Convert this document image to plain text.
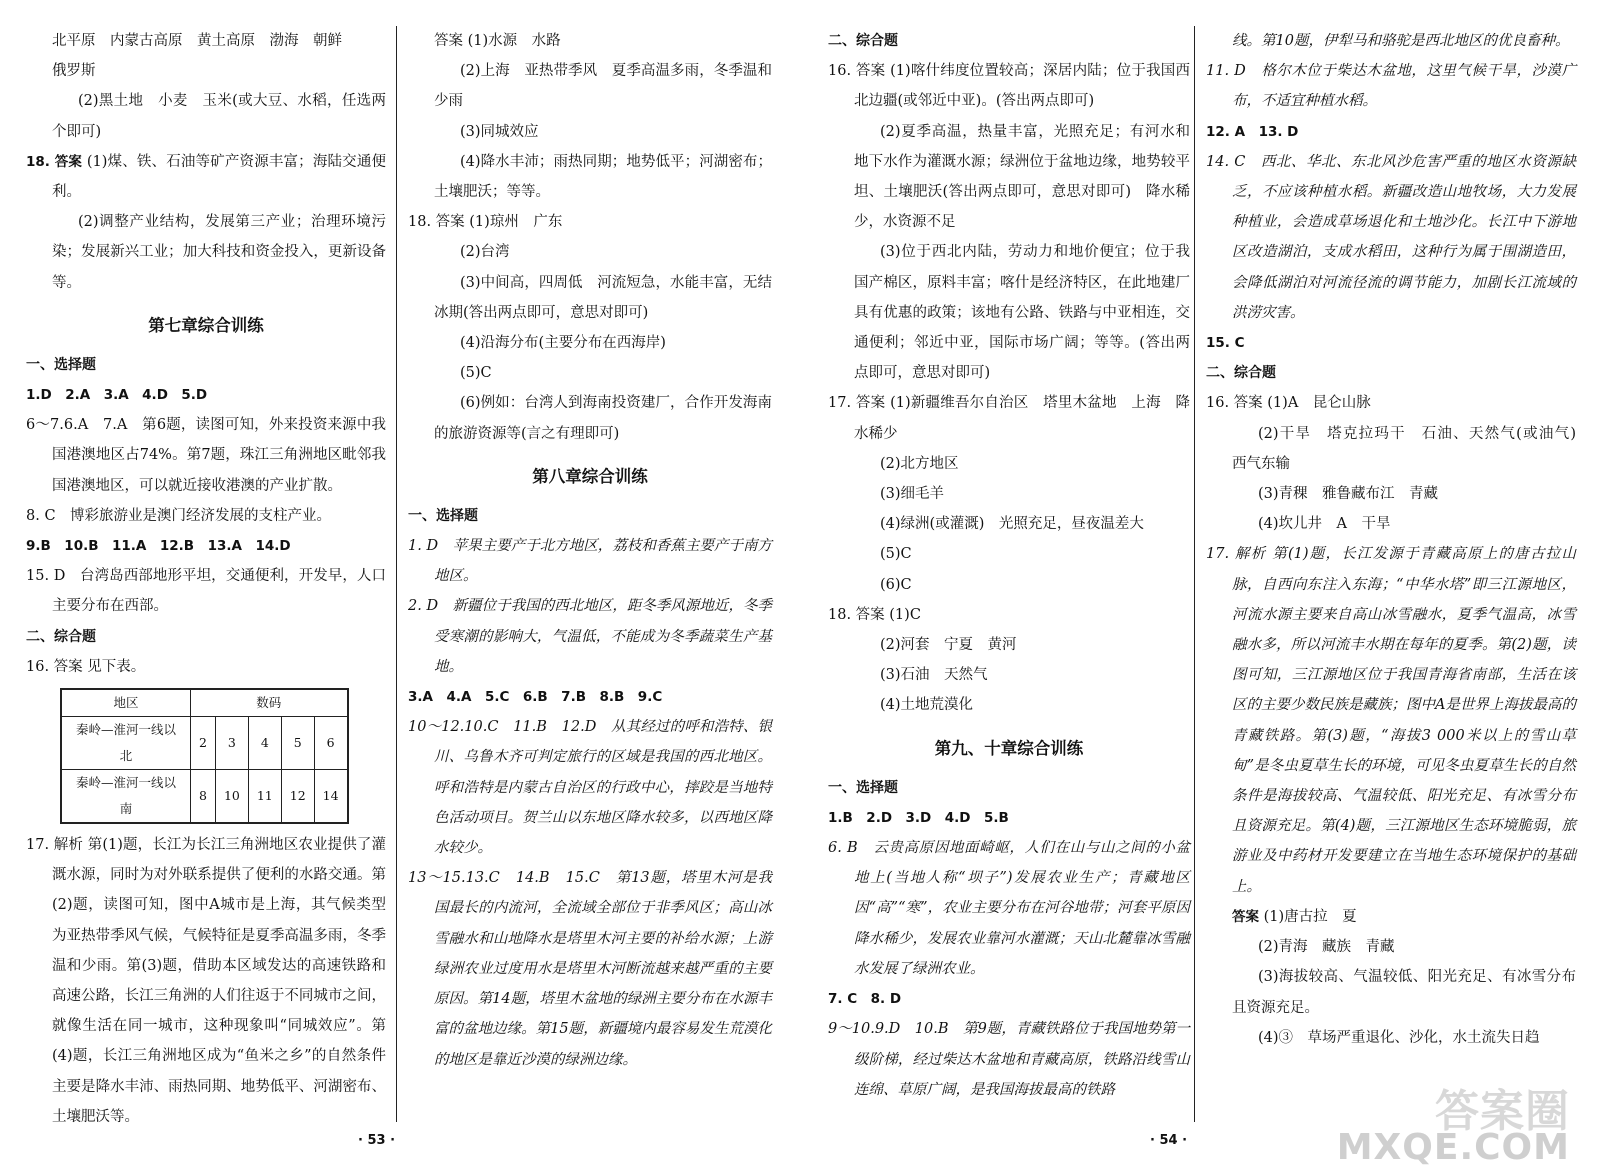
北平原　内蒙古高原　黄土高原　渤海　朝鲜

俄罗斯

(2)黑土地　小麦　玉米(或大豆、水稻，任选两个即可)

18. 答案 (1)煤、铁、石油等矿产资源丰富；海陆交通便利。

(2)调整产业结构，发展第三产业；治理环境污染；发展新兴工业；加大科技和资金投入，更新设备等。

第七章综合训练

一、选择题

1.D　2.A　3.A　4.D　5.D

6～7.6.A　7.A　第6题，读图可知，外来投资来源中我国港澳地区占74%。第7题，珠江三角洲地区毗邻我国港澳地区，可以就近接收港澳的产业扩散。

8. C　博彩旅游业是澳门经济发展的支柱产业。

9.B　10.B　11.A　12.B　13.A　14.D

15. D　台湾岛西部地形平坦，交通便利，开发早，人口主要分布在西部。

二、综合题

16. 答案 见下表。

地区	数码				
秦岭—淮河一线以北	2	3	4	5	6
秦岭—淮河一线以南	8	10	11	12	14

17. 解析 第(1)题，长江为长江三角洲地区农业提供了灌溉水源，同时为对外联系提供了便利的水路交通。第(2)题，读图可知，图中A城市是上海，其气候类型为亚热带季风气候，气候特征是夏季高温多雨，冬季温和少雨。第(3)题，借助本区域发达的高速铁路和高速公路，长江三角洲的人们往返于不同城市之间，就像生活在同一城市，这种现象叫“同城效应”。第(4)题，长江三角洲地区成为“鱼米之乡”的自然条件主要是降水丰沛、雨热同期、地势低平、河湖密布、土壤肥沃等。

答案 (1)水源　水路

(2)上海　亚热带季风　夏季高温多雨，冬季温和少雨

(3)同城效应

(4)降水丰沛；雨热同期；地势低平；河湖密布；土壤肥沃；等等。

18. 答案 (1)琼州　广东

(2)台湾

(3)中间高，四周低　河流短急，水能丰富，无结冰期(答出两点即可，意思对即可)

(4)沿海分布(主要分布在西海岸)

(5)C

(6)例如：台湾人到海南投资建厂，合作开发海南的旅游资源等(言之有理即可)

第八章综合训练

一、选择题

1. D　苹果主要产于北方地区，荔枝和香蕉主要产于南方地区。

2. D　新疆位于我国的西北地区，距冬季风源地近，冬季受寒潮的影响大，气温低，不能成为冬季蔬菜生产基地。

3.A　4.A　5.C　6.B　7.B　8.B　9.C

10～12.10.C　11.B　12.D　从其经过的呼和浩特、银川、乌鲁木齐可判定旅行的区域是我国的西北地区。呼和浩特是内蒙古自治区的行政中心，摔跤是当地特色活动项目。贺兰山以东地区降水较多，以西地区降水较少。

13～15.13.C　14.B　15.C　第13题，塔里木河是我国最长的内流河，全流域全部位于非季风区；高山冰雪融水和山地降水是塔里木河主要的补给水源；上游绿洲农业过度用水是塔里木河断流越来越严重的主要原因。第14题，塔里木盆地的绿洲主要分布在水源丰富的盆地边缘。第15题，新疆境内最容易发生荒漠化的地区是靠近沙漠的绿洲边缘。

二、综合题

16. 答案 (1)喀什纬度位置较高；深居内陆；位于我国西北边疆(或邻近中亚)。(答出两点即可)

(2)夏季高温，热量丰富，光照充足；有河水和地下水作为灌溉水源；绿洲位于盆地边缘，地势较平坦、土壤肥沃(答出两点即可，意思对即可)　降水稀少，水资源不足

(3)位于西北内陆，劳动力和地价便宜；位于我国产棉区，原料丰富；喀什是经济特区，在此地建厂具有优惠的政策；该地有公路、铁路与中亚相连，交通便利；邻近中亚，国际市场广阔；等等。(答出两点即可，意思对即可)

17. 答案 (1)新疆维吾尔自治区　塔里木盆地　上海　降水稀少

(2)北方地区

(3)细毛羊

(4)绿洲(或灌溉)　光照充足，昼夜温差大

(5)C

(6)C

18. 答案 (1)C

(2)河套　宁夏　黄河

(3)石油　天然气

(4)土地荒漠化

第九、十章综合训练

一、选择题

1.B　2.D　3.D　4.D　5.B

6. B　云贵高原因地面崎岖，人们在山与山之间的小盆地上(当地人称“坝子”)发展农业生产；青藏地区因“高”“寒”，农业主要分布在河谷地带；河套平原因降水稀少，发展农业靠河水灌溉；天山北麓靠冰雪融水发展了绿洲农业。

7. C　8. D

9～10.9.D　10.B　第9题，青藏铁路位于我国地势第一级阶梯，经过柴达木盆地和青藏高原，铁路沿线雪山连绵、草原广阔，是我国海拔最高的铁路

线。第10题，伊犁马和骆驼是西北地区的优良畜种。

11. D　格尔木位于柴达木盆地，这里气候干旱，沙漠广布，不适宜种植水稻。

12. A　13. D

14. C　西北、华北、东北风沙危害严重的地区水资源缺乏，不应该种植水稻。新疆改造山地牧场，大力发展种植业，会造成草场退化和土地沙化。长江中下游地区改造湖泊，支成水稻田，这种行为属于围湖造田，会降低湖泊对河流径流的调节能力，加剧长江流域的洪涝灾害。

15. C

二、综合题

16. 答案 (1)A　昆仑山脉

(2)干旱　塔克拉玛干　石油、天然气(或油气)　西气东输

(3)青稞　雅鲁藏布江　青藏

(4)坎儿井　A　干旱

17. 解析 第(1)题，长江发源于青藏高原上的唐古拉山脉，自西向东注入东海；“中华水塔”即三江源地区，河流水源主要来自高山冰雪融水，夏季气温高，冰雪融水多，所以河流丰水期在每年的夏季。第(2)题，读图可知，三江源地区位于我国青海省南部，生活在该区的主要少数民族是藏族；图中A是世界上海拔最高的青藏铁路。第(3)题，“海拔3 000米以上的雪山草甸”是冬虫夏草生长的环境，可见冬虫夏草生长的自然条件是海拔较高、气温较低、阳光充足、有冰雪分布且资源充足。第(4)题，三江源地区生态环境脆弱，旅游业及中药材开发要建立在当地生态环境保护的基础上。

答案 (1)唐古拉　夏

(2)青海　藏族　青藏

(3)海拔较高、气温较低、阳光充足、有冰雪分布且资源充足。

(4)③　草场严重退化、沙化，水土流失日趋

· 53 ·	· 54 ·
答案圈
MXQE.COM
